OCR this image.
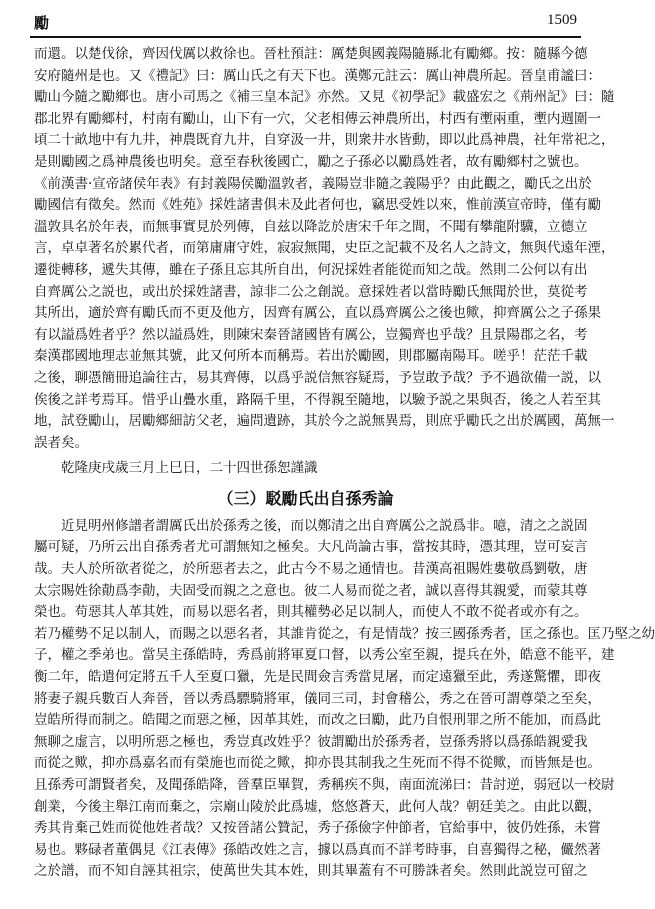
勵	1509
而還。以楚伐徐，齊因伐厲以救徐也。晉杜預註：厲楚與國義陽隨縣北有勵鄉。按：隨縣今德
安府隨州是也。又《禮記》曰：厲山氏之有天下也。漢鄭元註云：厲山神農所起。晉皇甫謐曰：
勵山今隨之勵鄉也。唐小司馬之《補三皇本記》亦然。又見《初學記》載盛宏之《荊州記》曰：隨
郡北界有勵鄉村，村南有勵山，山下有一穴，父老相傳云神農所出，村西有壍兩重，壍内週圍一
頃二十畝地中有九井，神農既育九井，自穿汲一井，則衆井水皆動，即以此爲神農，社年常祀之，
是則勵國之爲神農後也明矣。意至春秋後國亡，勵之子孫必以勵爲姓者，故有勵鄉村之號也。
《前漢書·宣帝諸侯年表》有封義陽侯勵溫敦者，義陽豈非隨之義陽乎？由此觀之，勵氏之出於
勵國信有徵矣。然而《姓苑》採姓諸書俱未及此者何也，竊思受姓以來，惟前漢宣帝時，僅有勵
溫敦具名於年表，而無事實見於列傳，自兹以降訖於唐宋千年之間，不聞有攀龍附驥，立德立
言，卓卓著名於累代者，而第庸庸守姓，寂寂無聞，史臣之記載不及名人之詩文，無與代遠年湮，
遷徙轉移，遞失其傳，雖在子孫且忘其所自出，何況採姓者能從而知之哉。然則二公何以有出
自齊厲公之説也，或出於採姓諸書，諒非二公之創説。意採姓者以當時勵氏無聞於世，莫從考
其所出，適於齊有勵氏而不更及他方，因齊有厲公，直以爲齊厲公之後也歟，抑齊厲公之子孫果
有以謚爲姓者乎？然以謚爲姓，則陳宋秦晉諸國皆有厲公，豈獨齊也乎哉？且景陽郡之名，考
秦漢郡國地理志並無其號，此又何所本而稱焉。若出於勵國，則郡屬南陽耳。嗟乎！茫茫千載
之後，聊憑簡冊追論往古，易其齊傳，以爲乎説信無容疑焉，予豈敢予哉？予不過欲備一説，以
俟後之詳考焉耳。惜乎山疊水重，路隔千里，不得親至隨地，以驗予説之果與否，後之人若至其
地，試登勵山，居勵鄉細訪父老，遍問遺跡，其於今之説無異焉，則庶乎勵氏之出於厲國，萬無一
誤者矣。
乾隆庚戌歲三月上巳日，二十四世孫恕謹識
（三）駁勵氏出自孫秀論
近見明州修譜者謂厲氏出於孫秀之後，而以鄭清之出自齊厲公之説爲非。噫，清之之説固
屬可疑，乃所云出自孫秀者尤可謂無知之極矣。大凡尚論古事，當按其時，憑其理，豈可妄言
哉。夫人於所欲者從之，於所惡者去之，此古今不易之通情也。昔漢高祖賜姓婁敬爲劉敬，唐
太宗賜姓徐勣爲李勣，夫固受而親之之意也。彼二人易而從之者，誠以喜得其親愛，而蒙其尊
榮也。苟惡其人革其姓，而易以惡名者，則其權勢必足以制人，而使人不敢不從者或亦有之。
若乃權勢不足以制人，而賜之以惡名者，其誰肯從之，有是情哉？按三國孫秀者，匡之孫也。匡乃堅之幼
子，權之季弟也。當吴主孫皓時，秀爲前將軍夏口督，以秀公室至親，提兵在外，皓意不能平，建
衡二年，皓遣何定將五千人至夏口獵，先是民間僉言秀當見屠，而定遠獵至此，秀遂驚懼，即夜
將妻子親兵數百人奔晉，晉以秀爲驃騎將軍，儀同三司，封會稽公，秀之在晉可謂尊榮之至矣，
豈皓所得而制之。皓聞之而惡之極，因革其姓，而改之曰勵，此乃自恨刑罪之所不能加，而爲此
無聊之虚言，以明所惡之極也，秀豈真改姓乎？彼謂勵出於孫秀者，豈孫秀將以爲孫皓親愛我
而從之歟，抑亦爲嘉名而有榮施也而從之歟，抑亦畏其制我之生死而不得不從歟，而皆無是也。
且孫秀可謂賢者矣，及聞孫皓降，晉羣臣畢賀，秀稱疾不與，南面流涕曰：昔討逆，弱冠以一校尉
創業，今後主舉江南而棄之，宗廟山陵於此爲墟，悠悠蒼天，此何人哉？朝廷美之。由此以觀，
秀其肯棄己姓而從他姓者哉？又按晉諸公贊記，秀子孫儉字仲節者，官給事中，彼仍姓孫，未嘗
易也。夥碌者董偶見《江表傳》孫皓改姓之言，據以爲真而不詳考時事，自喜獨得之秘，儼然著
之於譜，而不知自誣其祖宗，使萬世失其本姓，則其畢蓋有不可勝誅者矣。然則此説豈可留之
